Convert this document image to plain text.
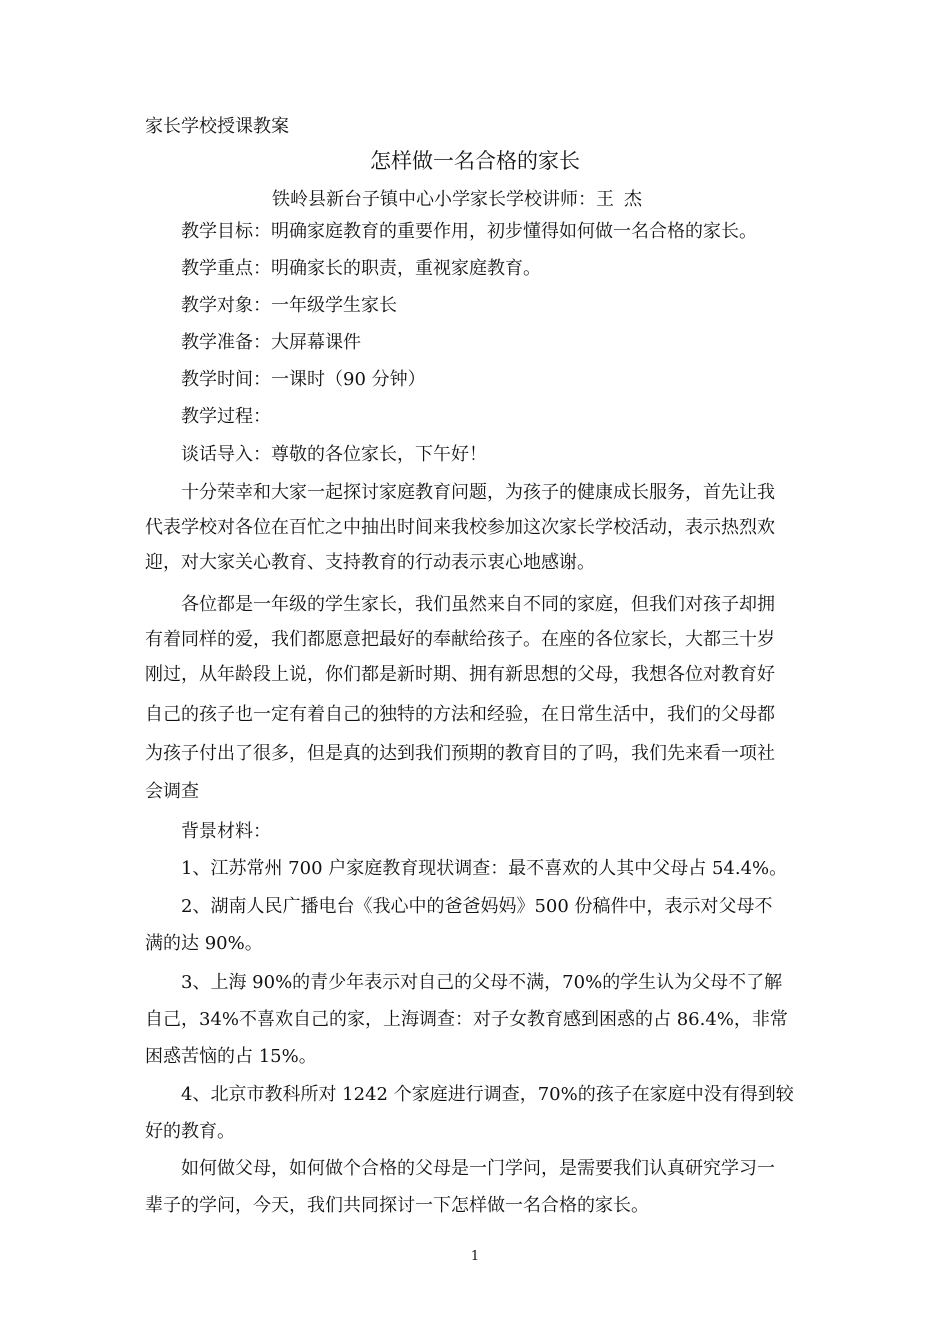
家长学校授课教案
怎样做一名合格的家长
铁岭县新台子镇中心小学家长学校讲师：王 杰
教学目标：明确家庭教育的重要作用，初步懂得如何做一名合格的家长。
教学重点：明确家长的职责，重视家庭教育。
教学对象：一年级学生家长
教学准备：大屏幕课件
教学时间：一课时（90 分钟）
教学过程：
谈话导入：尊敬的各位家长，下午好！
十分荣幸和大家一起探讨家庭教育问题，为孩子的健康成长服务，首先让我
代表学校对各位在百忙之中抽出时间来我校参加这次家长学校活动，表示热烈欢
迎，对大家关心教育、支持教育的行动表示衷心地感谢。
各位都是一年级的学生家长，我们虽然来自不同的家庭，但我们对孩子却拥
有着同样的爱，我们都愿意把最好的奉献给孩子。在座的各位家长，大都三十岁
刚过，从年龄段上说，你们都是新时期、拥有新思想的父母，我想各位对教育好
自己的孩子也一定有着自己的独特的方法和经验，在日常生活中，我们的父母都
为孩子付出了很多，但是真的达到我们预期的教育目的了吗，我们先来看一项社
会调查
背景材料：
1、江苏常州 700 户家庭教育现状调查：最不喜欢的人其中父母占 54.4%。
2、湖南人民广播电台《我心中的爸爸妈妈》500 份稿件中，表示对父母不
满的达 90%。
3、上海 90%的青少年表示对自己的父母不满，70%的学生认为父母不了解
自己，34%不喜欢自己的家，上海调查：对子女教育感到困惑的占 86.4%，非常
困惑苦恼的占 15%。
4、北京市教科所对 1242 个家庭进行调查，70%的孩子在家庭中没有得到较
好的教育。
如何做父母，如何做个合格的父母是一门学问，是需要我们认真研究学习一
辈子的学问，今天，我们共同探讨一下怎样做一名合格的家长。
1
